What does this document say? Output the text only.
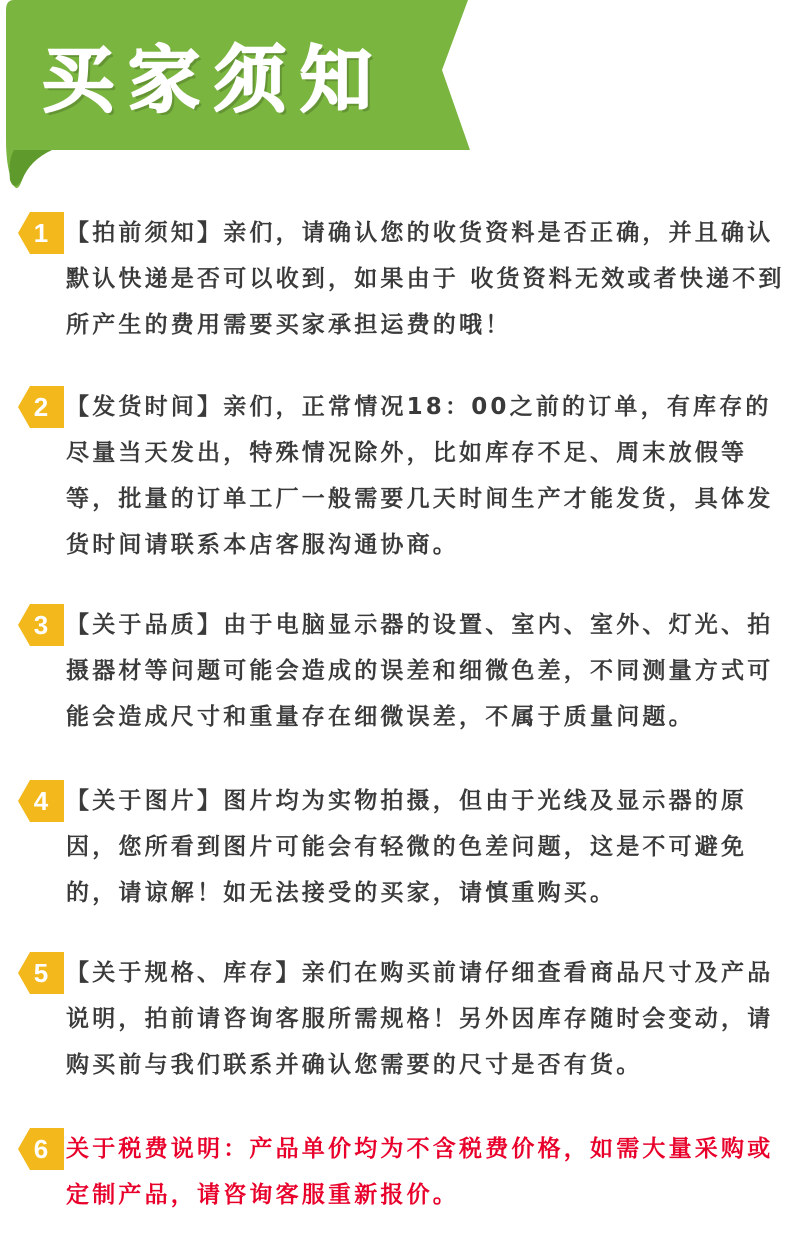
买家须知
1 【拍前须知】亲们，请确认您的收货资料是否正确，并且确认默认快递是否可以收到，如果由于 收货资料无效或者快递不到所产生的费用需要买家承担运费的哦！
2 【发货时间】亲们，正常情况18：00之前的订单，有库存的尽量当天发出，特殊情况除外，比如库存不足、周末放假等等，批量的订单工厂一般需要几天时间生产才能发货，具体发货时间请联系本店客服沟通协商。
3 【关于品质】由于电脑显示器的设置、室内、室外、灯光、拍摄器材等问题可能会造成的误差和细微色差，不同测量方式可能会造成尺寸和重量存在细微误差，不属于质量问题。
4 【关于图片】图片均为实物拍摄，但由于光线及显示器的原因，您所看到图片可能会有轻微的色差问题，这是不可避免的，请谅解！如无法接受的买家，请慎重购买。
5 【关于规格、库存】亲们在购买前请仔细查看商品尺寸及产品说明，拍前请咨询客服所需规格！另外因库存随时会变动，请购买前与我们联系并确认您需要的尺寸是否有货。
6 关于税费说明：产品单价均为不含税费价格，如需大量采购或定制产品，请咨询客服重新报价。
